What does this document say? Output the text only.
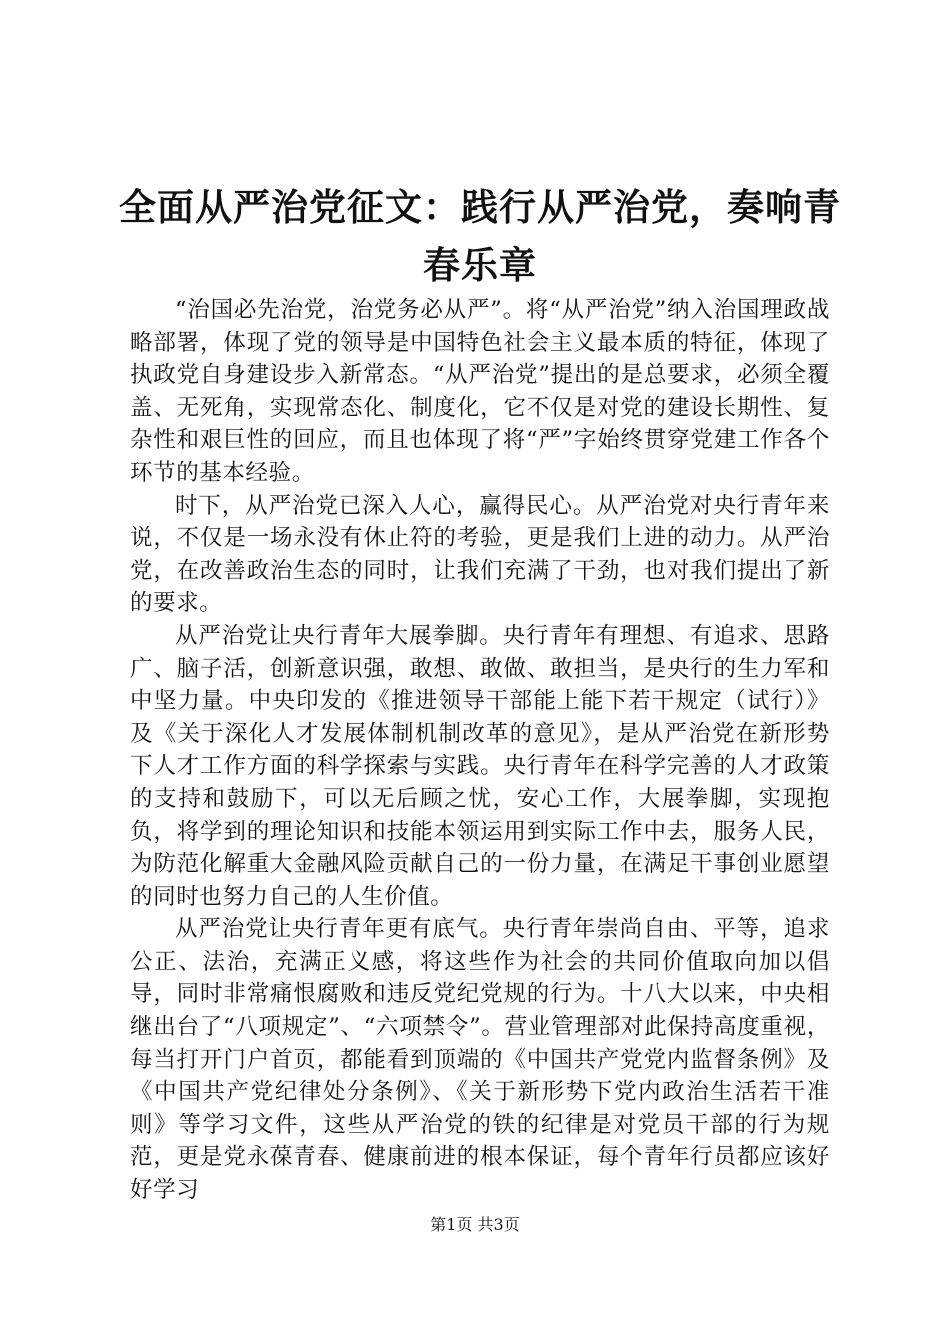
全面从严治党征文：践行从严治党，奏响青春乐章

“治国必先治党，治党务必从严”。将“从严治党”纳入治国理政战略部署，体现了党的领导是中国特色社会主义最本质的特征，体现了执政党自身建设步入新常态。“从严治党”提出的是总要求，必须全覆盖、无死角，实现常态化、制度化，它不仅是对党的建设长期性、复杂性和艰巨性的回应，而且也体现了将“严”字始终贯穿党建工作各个环节的基本经验。

时下，从严治党已深入人心，赢得民心。从严治党对央行青年来说，不仅是一场永没有休止符的考验，更是我们上进的动力。从严治党，在改善政治生态的同时，让我们充满了干劲，也对我们提出了新的要求。

从严治党让央行青年大展拳脚。央行青年有理想、有追求、思路广、脑子活，创新意识强，敢想、敢做、敢担当，是央行的生力军和中坚力量。中央印发的《推进领导干部能上能下若干规定（试行）》及《关于深化人才发展体制机制改革的意见》，是从严治党在新形势下人才工作方面的科学探索与实践。央行青年在科学完善的人才政策的支持和鼓励下，可以无后顾之忧，安心工作，大展拳脚，实现抱负，将学到的理论知识和技能本领运用到实际工作中去，服务人民，为防范化解重大金融风险贡献自己的一份力量，在满足干事创业愿望的同时也努力自己的人生价值。

从严治党让央行青年更有底气。央行青年崇尚自由、平等，追求公正、法治，充满正义感，将这些作为社会的共同价值取向加以倡导，同时非常痛恨腐败和违反党纪党规的行为。十八大以来，中央相继出台了“八项规定”、“六项禁令”。营业管理部对此保持高度重视，每当打开门户首页，都能看到顶端的《中国共产党党内监督条例》及《中国共产党纪律处分条例》、《关于新形势下党内政治生活若干准则》等学习文件，这些从严治党的铁的纪律是对党员干部的行为规范，更是党永葆青春、健康前进的根本保证，每个青年行员都应该好好学习

第1页 共3页
